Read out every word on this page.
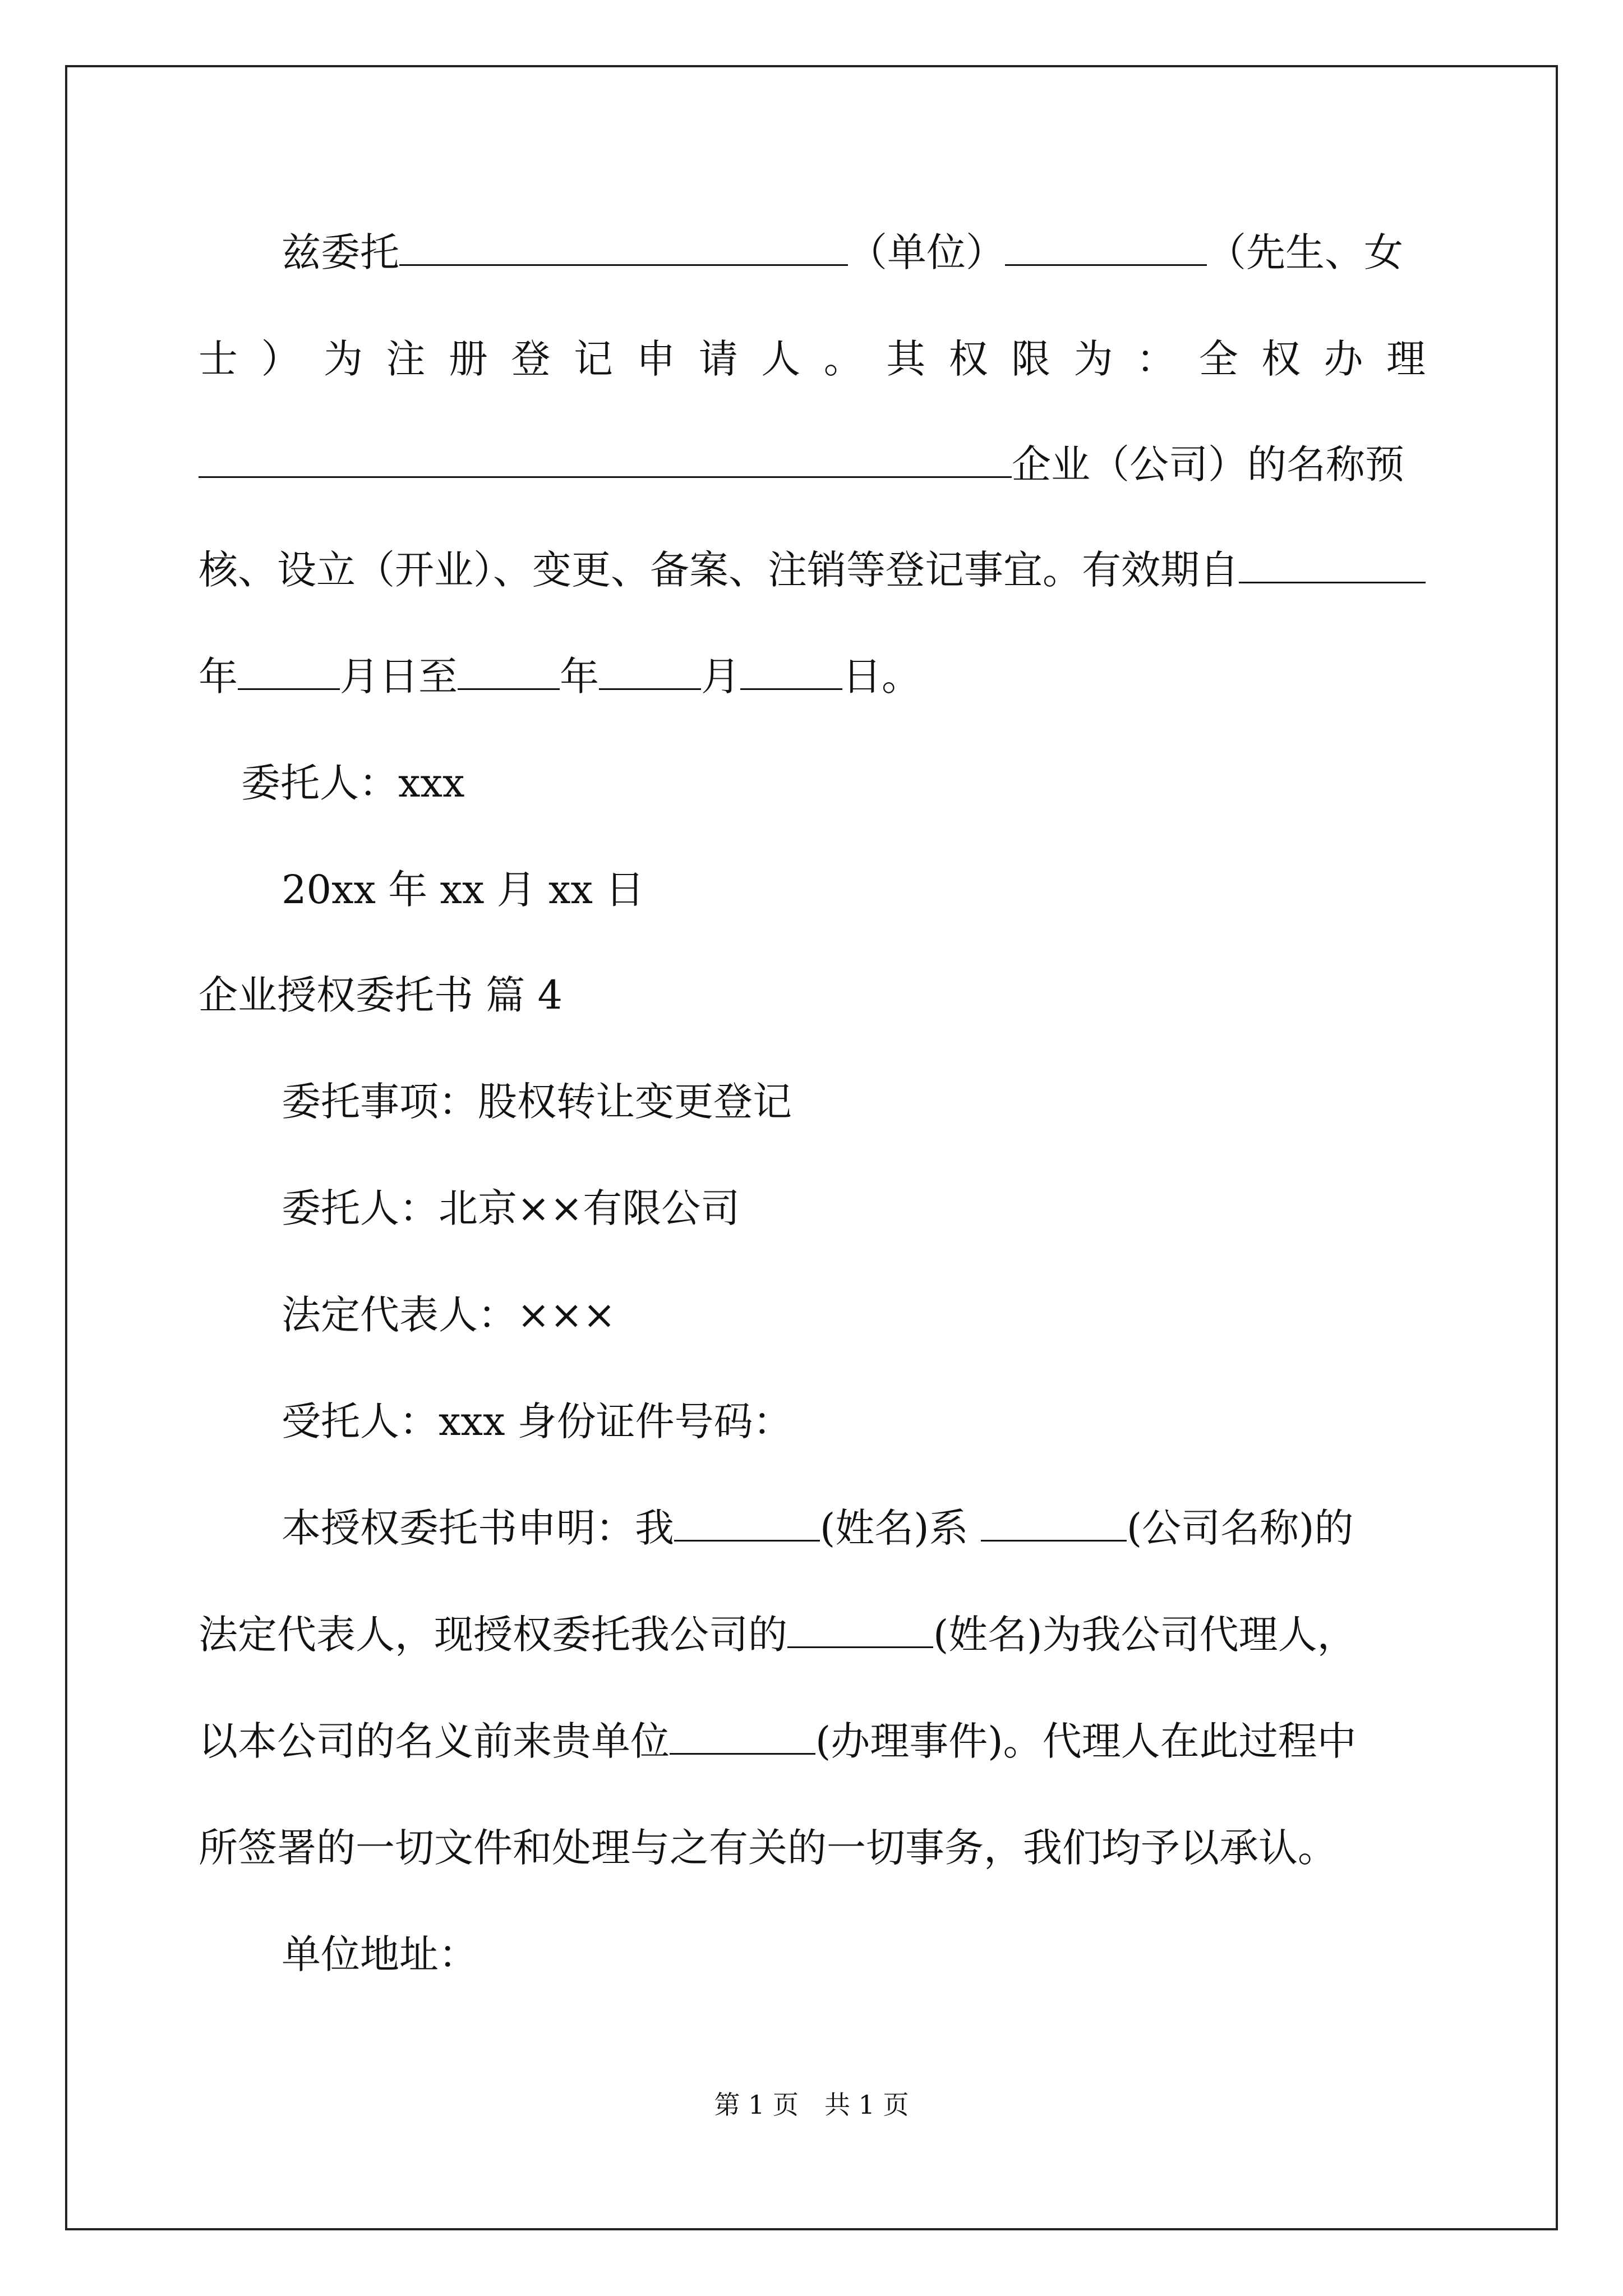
兹委托	（单位）	（先生、女
士）为注册登记申请人。其权限为：全权办理
企业（公司）的名称预
核、设立（开业）、变更、备案、注销等登记事宜。有效期自
年	月日至	年	月	日。
委托人：xxx
20xx 年 xx 月 xx 日
企业授权委托书 篇 4
委托事项：股权转让变更登记
委托人：北京××有限公司
法定代表人：×××
受托人：xxx 身份证件号码：
本授权委托书申明：我	(姓名)系	(公司名称)的
法定代表人，现授权委托我公司的	(姓名)为我公司代理人，
以本公司的名义前来贵单位	(办理事件)。代理人在此过程中
所签署的一切文件和处理与之有关的一切事务，我们均予以承认。
单位地址：
第 1 页　共 1 页
